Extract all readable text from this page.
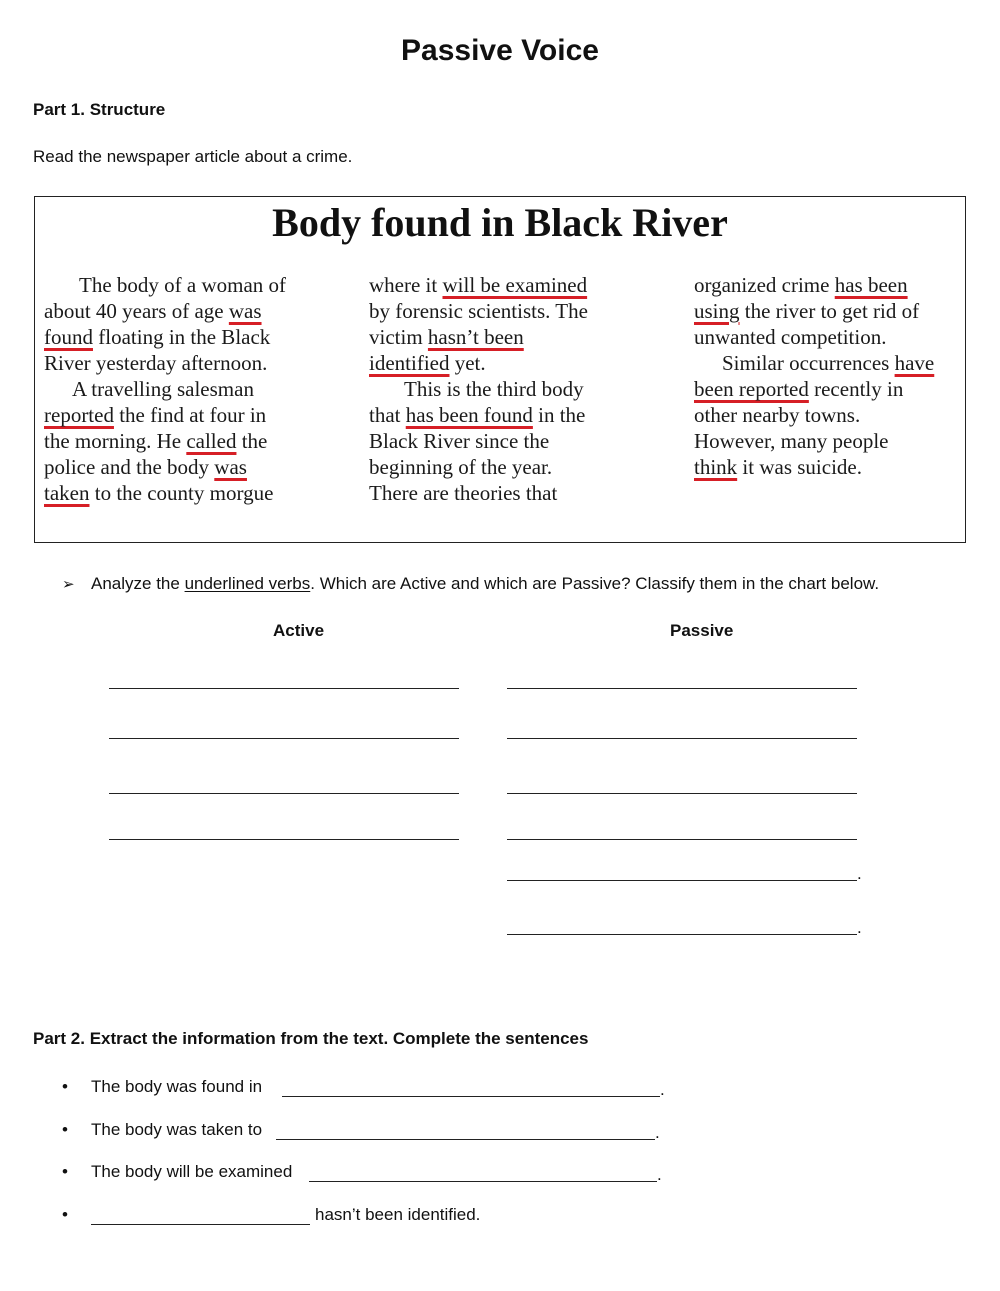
Passive Voice
Part 1. Structure
Read the newspaper article about a crime.
Body found in Black River
The body of a woman of
about 40 years of age was
found floating in the Black
River yesterday afternoon.
A travelling salesman
reported the find at four in
the morning. He called the
police and the body was
taken to the county morgue
where it will be examined
by forensic scientists. The
victim hasn’t been
identified yet.
This is the third body
that has been found in the
Black River since the
beginning of the year.
There are theories that
organized crime has been
using the river to get rid of
unwanted competition.
Similar occurrences have
been reported recently in
other nearby towns.
However, many people
think it was suicide.
➢ Analyze the underlined verbs. Which are Active and which are Passive? Classify them in the chart below.
Active	Passive
.
.
Part 2. Extract the information from the text. Complete the sentences
• The body was found in	.
• The body was taken to	.
• The body will be examined	.
•	hasn’t been identified.
